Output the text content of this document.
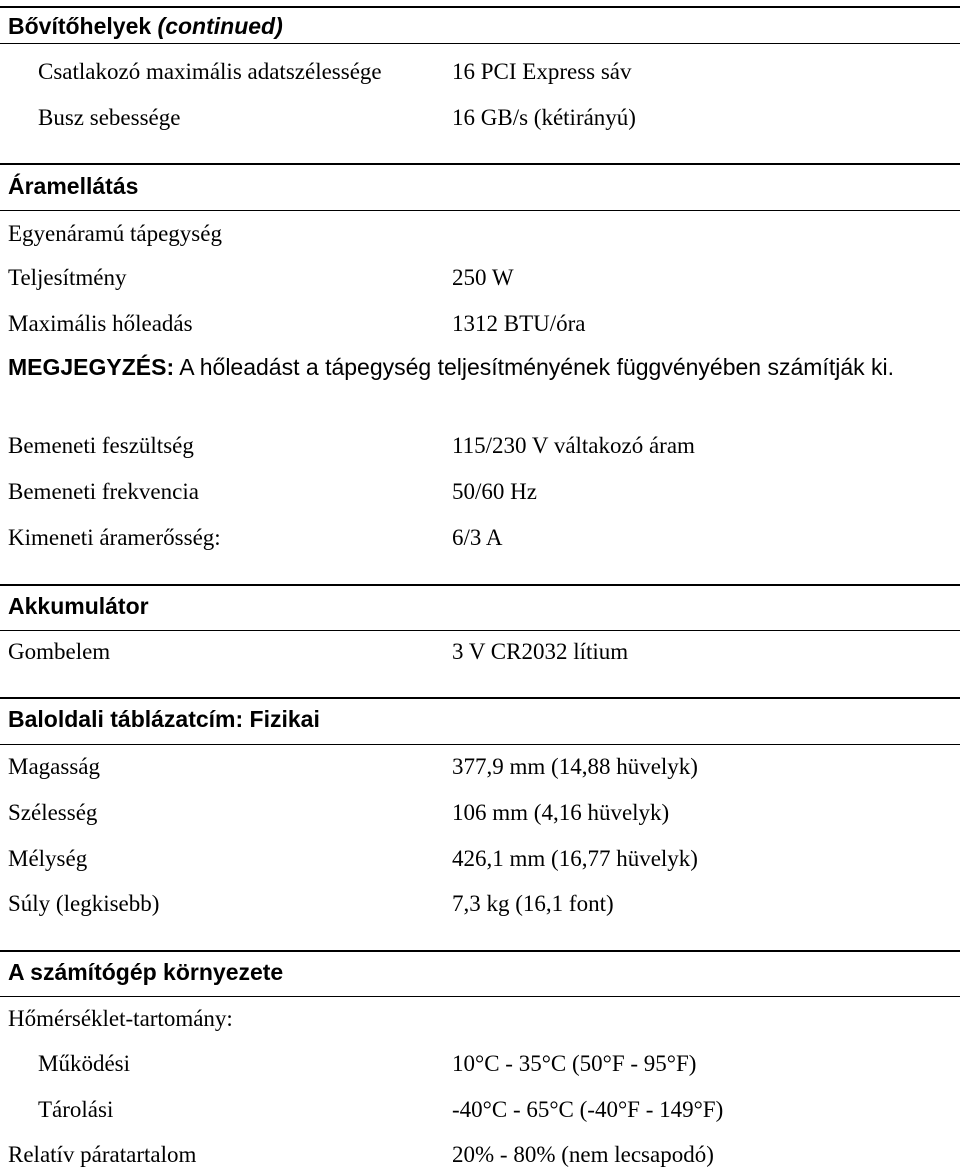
Bővítőhelyek (continued)
Csatlakozó maximális adatszélessége	16 PCI Express sáv
Busz sebessége	16 GB/s (kétirányú)
Áramellátás
Egyenáramú tápegység
Teljesítmény	250 W
Maximális hőleadás	1312 BTU/óra
MEGJEGYZÉS: A hőleadást a tápegység teljesítményének függvényében számítják ki.
Bemeneti feszültség	115/230 V váltakozó áram
Bemeneti frekvencia	50/60 Hz
Kimeneti áramerősség:	6/3 A
Akkumulátor
Gombelem	3 V CR2032 lítium
Baloldali táblázatcím: Fizikai
Magasság	377,9 mm (14,88 hüvelyk)
Szélesség	106 mm (4,16 hüvelyk)
Mélység	426,1 mm (16,77 hüvelyk)
Súly (legkisebb)	7,3 kg (16,1 font)
A számítógép környezete
Hőmérséklet-tartomány:
Működési	10°C - 35°C (50°F - 95°F)
Tárolási	-40°C - 65°C (-40°F - 149°F)
Relatív páratartalom	20% - 80% (nem lecsapodó)
